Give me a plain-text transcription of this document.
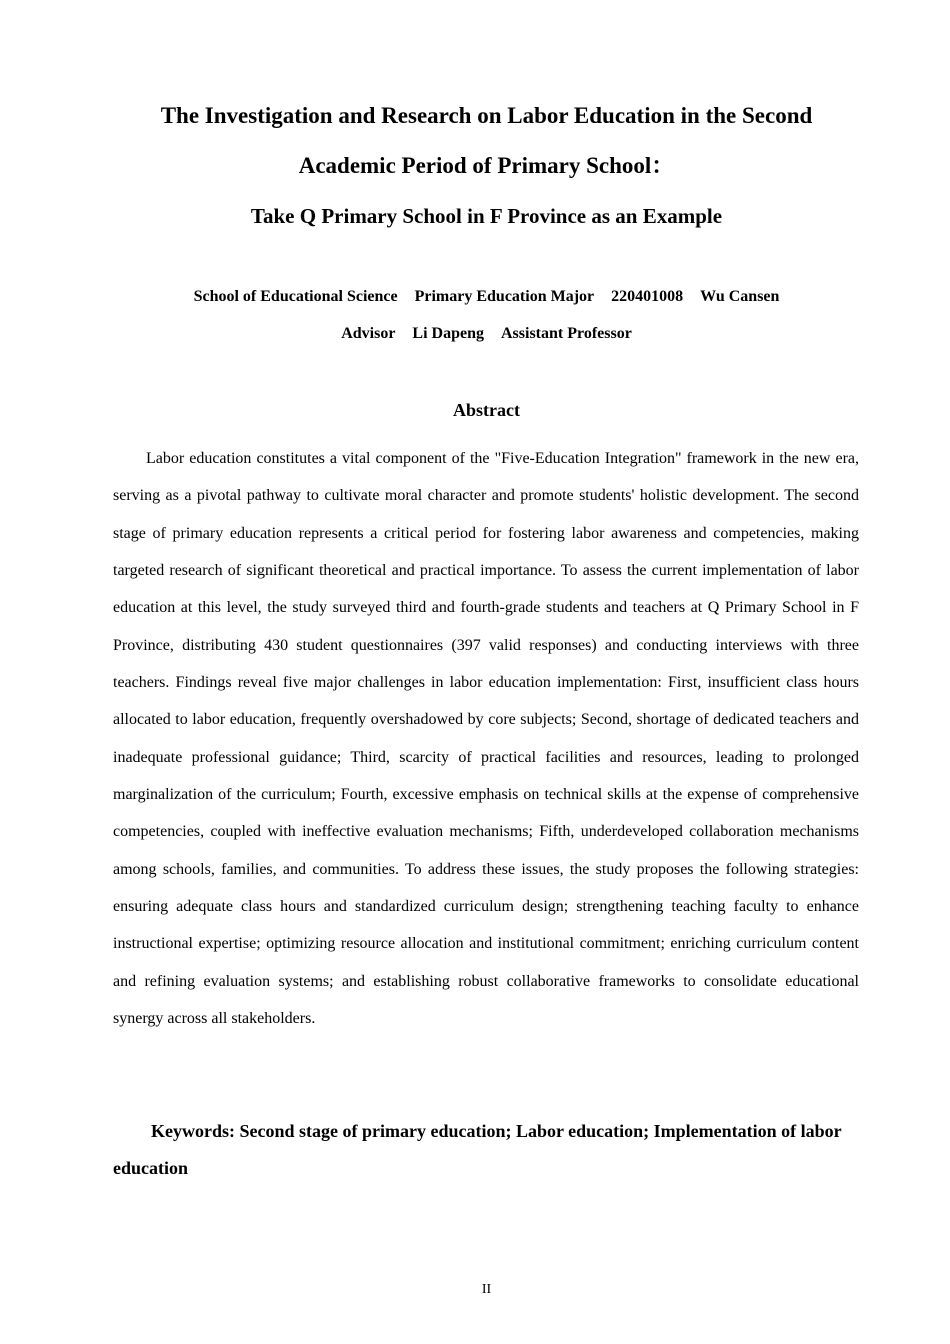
The Investigation and Research on Labor Education in the Second
Academic Period of Primary School：
Take Q Primary School in F Province as an Example
School of Educational Science Primary Education Major 220401008 Wu Cansen
Advisor Li Dapeng Assistant Professor
Abstract

Labor education constitutes a vital component of the "Five-Education Integration" framework in the new era, serving as a pivotal pathway to cultivate moral character and promote students' holistic development. The second stage of primary education represents a critical period for fostering labor awareness and competencies, making targeted research of significant theoretical and practical importance. To assess the current implementation of labor education at this level, the study surveyed third and fourth-grade students and teachers at Q Primary School in F Province, distributing 430 student questionnaires (397 valid responses) and conducting interviews with three teachers. Findings reveal five major challenges in labor education implementation: First, insufficient class hours allocated to labor education, frequently overshadowed by core subjects; Second, shortage of dedicated teachers and inadequate professional guidance; Third, scarcity of practical facilities and resources, leading to prolonged marginalization of the curriculum; Fourth, excessive emphasis on technical skills at the expense of comprehensive competencies, coupled with ineffective evaluation mechanisms; Fifth, underdeveloped collaboration mechanisms among schools, families, and communities. To address these issues, the study proposes the following strategies: ensuring adequate class hours and standardized curriculum design; strengthening teaching faculty to enhance instructional expertise; optimizing resource allocation and institutional commitment; enriching curriculum content and refining evaluation systems; and establishing robust collaborative frameworks to consolidate educational synergy across all stakeholders.

Keywords: Second stage of primary education; Labor education; Implementation of labor education

II
